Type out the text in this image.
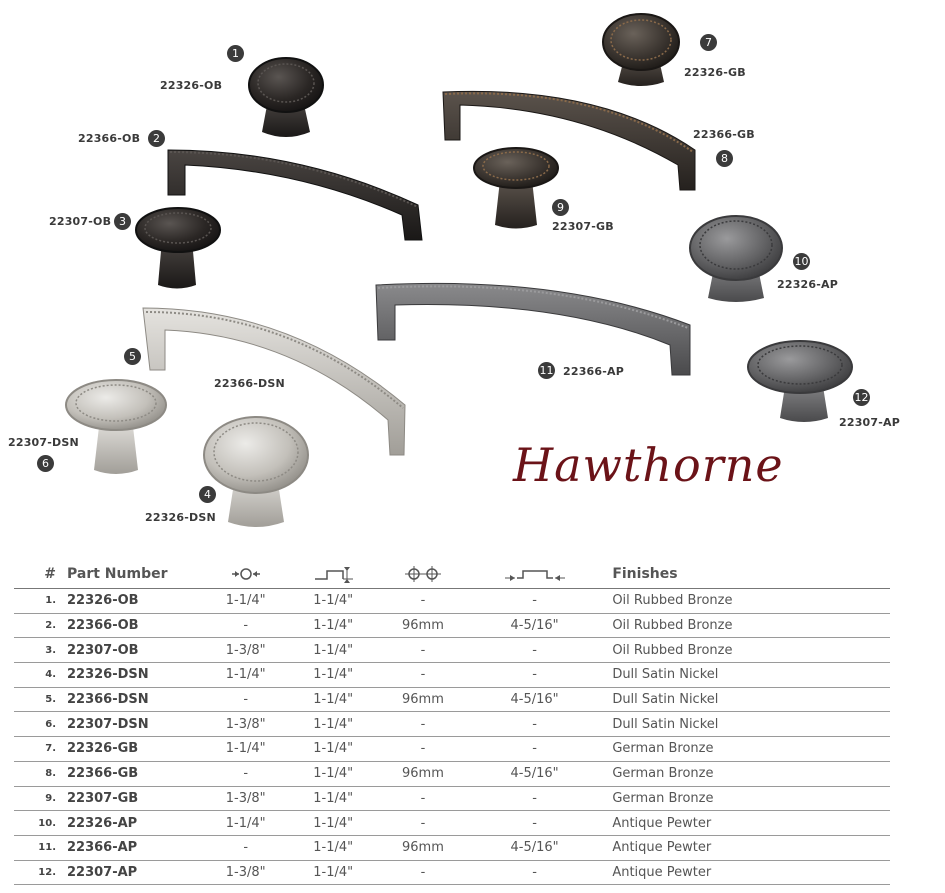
1
2
3
4
5
6
7
8
9
10
11
12
22326-OB
22366-OB
22307-OB
22326-DSN
22366-DSN
22307-DSN
22326-GB
22366-GB
22307-GB
22326-AP
22366-AP
22307-AP
Hawthorne
#	Part Number					Finishes
1.	22326-OB	1-1/4"	1-1/4"	-	-	Oil Rubbed Bronze
2.	22366-OB	-	1-1/4"	96mm	4-5/16"	Oil Rubbed Bronze
3.	22307-OB	1-3/8"	1-1/4"	-	-	Oil Rubbed Bronze
4.	22326-DSN	1-1/4"	1-1/4"	-	-	Dull Satin Nickel
5.	22366-DSN	-	1-1/4"	96mm	4-5/16"	Dull Satin Nickel
6.	22307-DSN	1-3/8"	1-1/4"	-	-	Dull Satin Nickel
7.	22326-GB	1-1/4"	1-1/4"	-	-	German Bronze
8.	22366-GB	-	1-1/4"	96mm	4-5/16"	German Bronze
9.	22307-GB	1-3/8"	1-1/4"	-	-	German Bronze
10.	22326-AP	1-1/4"	1-1/4"	-	-	Antique Pewter
11.	22366-AP	-	1-1/4"	96mm	4-5/16"	Antique Pewter
12.	22307-AP	1-3/8"	1-1/4"	-	-	Antique Pewter
